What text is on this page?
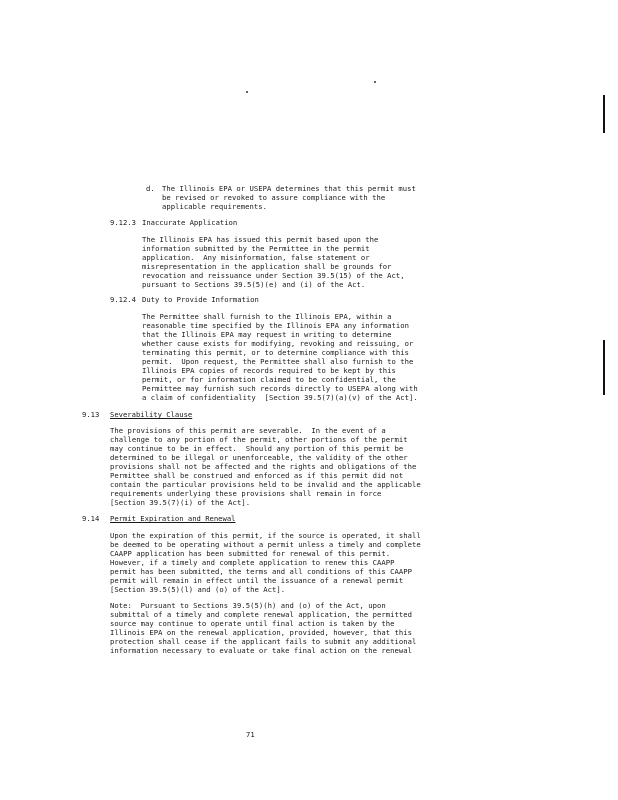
d. The Illinois EPA or USEPA determines that this permit must
be revised or revoked to assure compliance with the
applicable requirements.
9.12.3 Inaccurate Application
The Illinois EPA has issued this permit based upon the
information submitted by the Permittee in the permit
application.  Any misinformation, false statement or
misrepresentation in the application shall be grounds for
revocation and reissuance under Section 39.5(15) of the Act,
pursuant to Sections 39.5(5)(e) and (i) of the Act.
9.12.4 Duty to Provide Information
The Permittee shall furnish to the Illinois EPA, within a
reasonable time specified by the Illinois EPA any information
that the Illinois EPA may request in writing to determine
whether cause exists for modifying, revoking and reissuing, or
terminating this permit, or to determine compliance with this
permit.  Upon request, the Permittee shall also furnish to the
Illinois EPA copies of records required to be kept by this
permit, or for information claimed to be confidential, the
Permittee may furnish such records directly to USEPA along with
a claim of confidentiality  [Section 39.5(7)(a)(v) of the Act].
9.13 Severability Clause
The provisions of this permit are severable.  In the event of a
challenge to any portion of the permit, other portions of the permit
may continue to be in effect.  Should any portion of this permit be
determined to be illegal or unenforceable, the validity of the other
provisions shall not be affected and the rights and obligations of the
Permittee shall be construed and enforced as if this permit did not
contain the particular provisions held to be invalid and the applicable
requirements underlying these provisions shall remain in force
[Section 39.5(7)(i) of the Act].
9.14 Permit Expiration and Renewal
Upon the expiration of this permit, if the source is operated, it shall
be deemed to be operating without a permit unless a timely and complete
CAAPP application has been submitted for renewal of this permit.
However, if a timely and complete application to renew this CAAPP
permit has been submitted, the terms and all conditions of this CAAPP
permit will remain in effect until the issuance of a renewal permit
[Section 39.5(5)(l) and (o) of the Act].
Note:  Pursuant to Sections 39.5(5)(h) and (o) of the Act, upon
submittal of a timely and complete renewal application, the permitted
source may continue to operate until final action is taken by the
Illinois EPA on the renewal application, provided, however, that this
protection shall cease if the applicant fails to submit any additional
information necessary to evaluate or take final action on the renewal
71
